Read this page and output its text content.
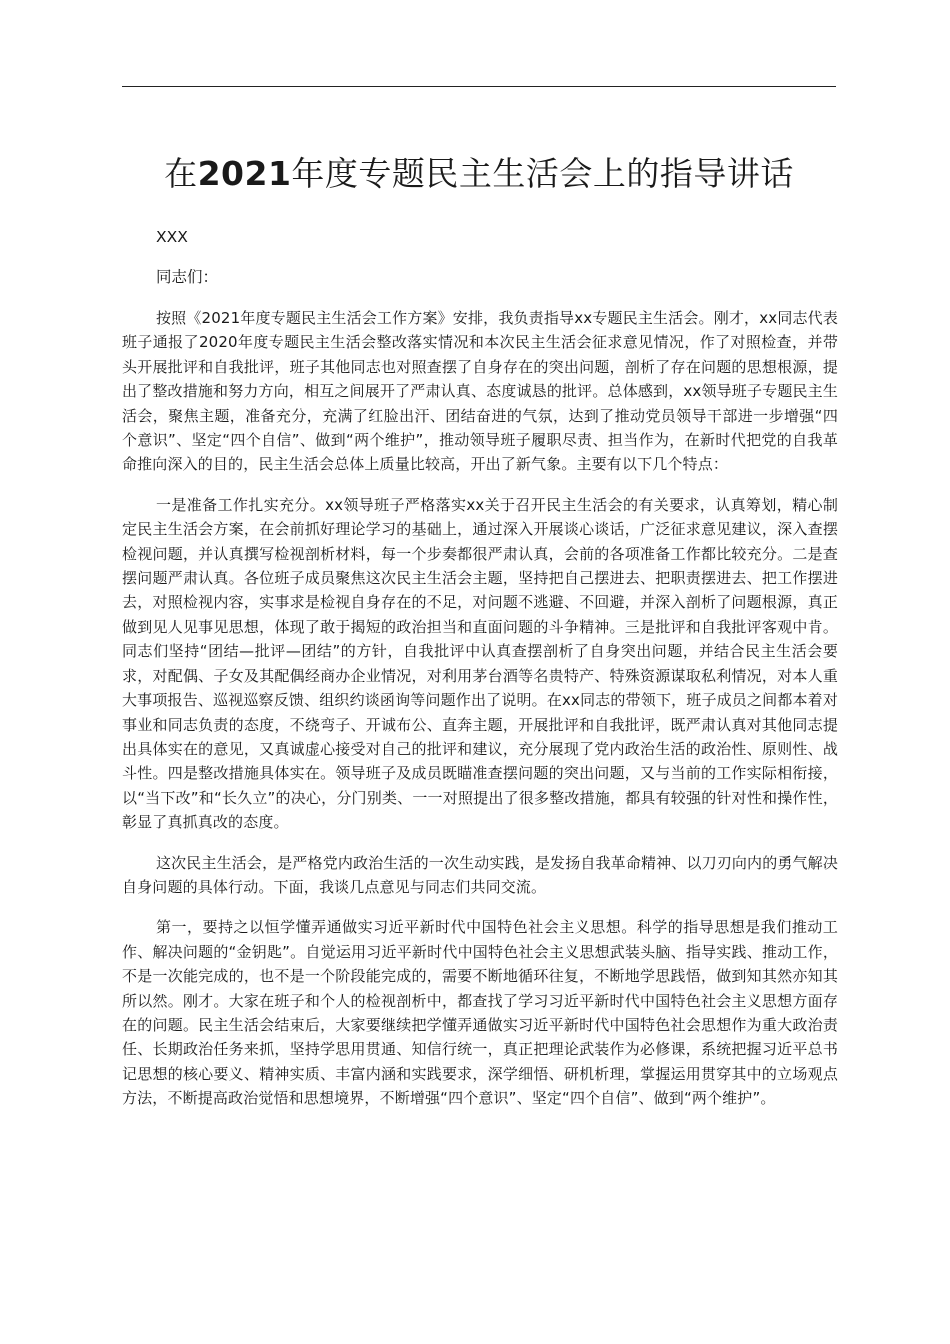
在2021年度专题民主生活会上的指导讲话
XXX
同志们：

按照《2021年度专题民主生活会工作方案》安排，我负责指导xx专题民主生活会。刚才，xx同志代表班子通报了2020年度专题民主生活会整改落实情况和本次民主生活会征求意见情况，作了对照检查，并带头开展批评和自我批评，班子其他同志也对照查摆了自身存在的突出问题，剖析了存在问题的思想根源，提出了整改措施和努力方向，相互之间展开了严肃认真、态度诚恳的批评。总体感到，xx领导班子专题民主生活会，聚焦主题，准备充分，充满了红脸出汗、团结奋进的气氛，达到了推动党员领导干部进一步增强“四个意识”、坚定“四个自信”、做到“两个维护”，推动领导班子履职尽责、担当作为，在新时代把党的自我革命推向深入的目的，民主生活会总体上质量比较高，开出了新气象。主要有以下几个特点：

一是准备工作扎实充分。xx领导班子严格落实xx关于召开民主生活会的有关要求，认真筹划，精心制定民主生活会方案，在会前抓好理论学习的基础上，通过深入开展谈心谈话，广泛征求意见建议，深入查摆检视问题，并认真撰写检视剖析材料，每一个步奏都很严肃认真，会前的各项准备工作都比较充分。二是查摆问题严肃认真。各位班子成员聚焦这次民主生活会主题，坚持把自己摆进去、把职责摆进去、把工作摆进去，对照检视内容，实事求是检视自身存在的不足，对问题不逃避、不回避，并深入剖析了问题根源，真正做到见人见事见思想，体现了敢于揭短的政治担当和直面问题的斗争精神。三是批评和自我批评客观中肯。同志们坚持“团结—批评—团结”的方针，自我批评中认真查摆剖析了自身突出问题，并结合民主生活会要求，对配偶、子女及其配偶经商办企业情况，对利用茅台酒等名贵特产、特殊资源谋取私利情况，对本人重大事项报告、巡视巡察反馈、组织约谈函询等问题作出了说明。在xx同志的带领下，班子成员之间都本着对事业和同志负责的态度，不绕弯子、开诚布公、直奔主题，开展批评和自我批评，既严肃认真对其他同志提出具体实在的意见，又真诚虚心接受对自己的批评和建议，充分展现了党内政治生活的政治性、原则性、战斗性。四是整改措施具体实在。领导班子及成员既瞄准查摆问题的突出问题，又与当前的工作实际相衔接，以“当下改”和“长久立”的决心，分门别类、一一对照提出了很多整改措施，都具有较强的针对性和操作性，彰显了真抓真改的态度。

这次民主生活会，是严格党内政治生活的一次生动实践，是发扬自我革命精神、以刀刃向内的勇气解决自身问题的具体行动。下面，我谈几点意见与同志们共同交流。

第一，要持之以恒学懂弄通做实习近平新时代中国特色社会主义思想。科学的指导思想是我们推动工作、解决问题的“金钥匙”。自觉运用习近平新时代中国特色社会主义思想武装头脑、指导实践、推动工作，不是一次能完成的，也不是一个阶段能完成的，需要不断地循环往复，不断地学思践悟，做到知其然亦知其所以然。刚才。大家在班子和个人的检视剖析中，都查找了学习习近平新时代中国特色社会主义思想方面存在的问题。民主生活会结束后，大家要继续把学懂弄通做实习近平新时代中国特色社会思想作为重大政治责任、长期政治任务来抓，坚持学思用贯通、知信行统一，真正把理论武装作为必修课，系统把握习近平总书记思想的核心要义、精神实质、丰富内涵和实践要求，深学细悟、研机析理，掌握运用贯穿其中的立场观点方法，不断提高政治觉悟和思想境界，不断增强“四个意识”、坚定“四个自信”、做到“两个维护”。
